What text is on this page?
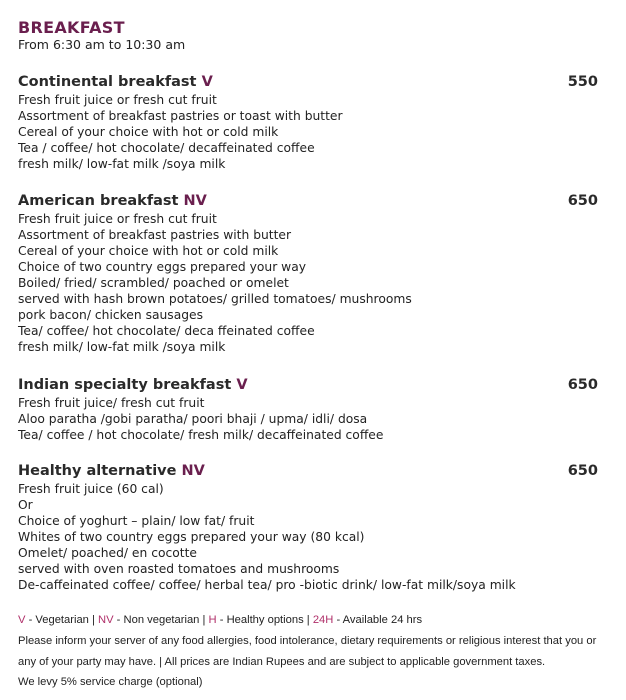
BREAKFAST
From 6:30 am to 10:30 am
Continental breakfast V	550
Fresh fruit juice or fresh cut fruit
Assortment of breakfast pastries or toast with butter
Cereal of your choice with hot or cold milk
Tea / coffee/ hot chocolate/ decaffeinated coffee
fresh milk/ low-fat milk /soya milk
American breakfast NV	650
Fresh fruit juice or fresh cut fruit
Assortment of breakfast pastries with butter
Cereal of your choice with hot or cold milk
Choice of two country eggs prepared your way
Boiled/ fried/ scrambled/ poached or omelet
served with hash brown potatoes/ grilled tomatoes/ mushrooms
pork bacon/ chicken sausages
Tea/ coffee/ hot chocolate/ deca ffeinated coffee
fresh milk/ low-fat milk /soya milk
Indian specialty breakfast V	650
Fresh fruit juice/ fresh cut fruit
Aloo paratha /gobi paratha/ poori bhaji / upma/ idli/ dosa
Tea/ coffee / hot chocolate/ fresh milk/ decaffeinated coffee
Healthy alternative NV	650
Fresh fruit juice (60 cal)
Or
Choice of yoghurt – plain/ low fat/ fruit
Whites of two country eggs prepared your way (80 kcal)
Omelet/ poached/ en cocotte
served with oven roasted tomatoes and mushrooms
De-caffeinated coffee/ coffee/ herbal tea/ pro -biotic drink/ low-fat milk/soya milk
V - Vegetarian | NV - Non vegetarian | H - Healthy options | 24H - Available 24 hrs
Please inform your server of any food allergies, food intolerance, dietary requirements or religious interest that you or
any of your party may have. | All prices are Indian Rupees and are subject to applicable government taxes.
We levy 5% service charge (optional)
